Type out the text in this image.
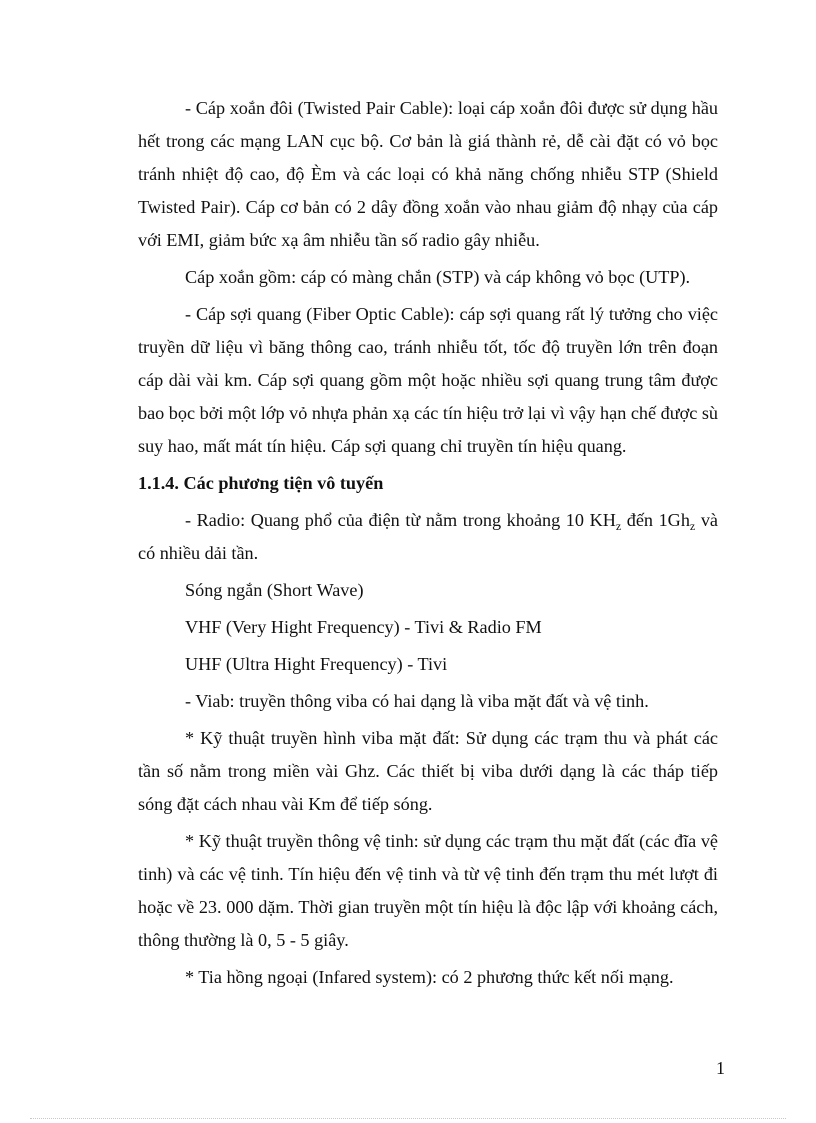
- Cáp xoắn đôi (Twisted Pair Cable): loại cáp xoắn đôi được sử dụng hầu hết trong các mạng LAN cục bộ. Cơ bản là giá thành rẻ, dễ cài đặt có vỏ bọc tránh nhiệt độ cao, độ Èm và các loại có khả năng chống nhiễu STP (Shield Twisted Pair). Cáp cơ bản có 2 dây đồng xoắn vào nhau giảm độ nhạy của cáp với EMI, giảm bức xạ âm nhiễu tần số radio gây nhiễu.

Cáp xoắn gồm: cáp có màng chắn (STP) và cáp không vỏ bọc (UTP).

- Cáp sợi quang (Fiber Optic Cable): cáp sợi quang rất lý tưởng cho việc truyền dữ liệu vì băng thông cao, tránh nhiễu tốt, tốc độ truyền lớn trên đoạn cáp dài vài km. Cáp sợi quang gồm một hoặc nhiều sợi quang trung tâm được bao bọc bởi một lớp vỏ nhựa phản xạ các tín hiệu trở lại vì vậy hạn chế được sù suy hao, mất mát tín hiệu. Cáp sợi quang chỉ truyền tín hiệu quang.

1.1.4. Các phương tiện vô tuyến

- Radio: Quang phổ của điện từ nằm trong khoảng 10 $KH_z$ đến $1Gh_z$ và có nhiều dải tần.

Sóng ngắn (Short Wave)

VHF (Very Hight Frequency) - Tivi & Radio FM

UHF (Ultra Hight Frequency) - Tivi

- Viab: truyền thông viba có hai dạng là viba mặt đất và vệ tinh.

* Kỹ thuật truyền hình viba mặt đất: Sử dụng các trạm thu và phát các tần số nằm trong miền vài Ghz. Các thiết bị viba dưới dạng là các tháp tiếp sóng đặt cách nhau vài Km để tiếp sóng.

* Kỹ thuật truyền thông vệ tinh: sử dụng các trạm thu mặt đất (các đĩa vệ tinh) và các vệ tinh. Tín hiệu đến vệ tinh và từ vệ tinh đến trạm thu mét lượt đi hoặc về 23. 000 dặm. Thời gian truyền một tín hiệu là độc lập với khoảng cách, thông thường là 0, 5 - 5 giây.

* Tia hồng ngoại (Infared system): có 2 phương thức kết nối mạng.

1
